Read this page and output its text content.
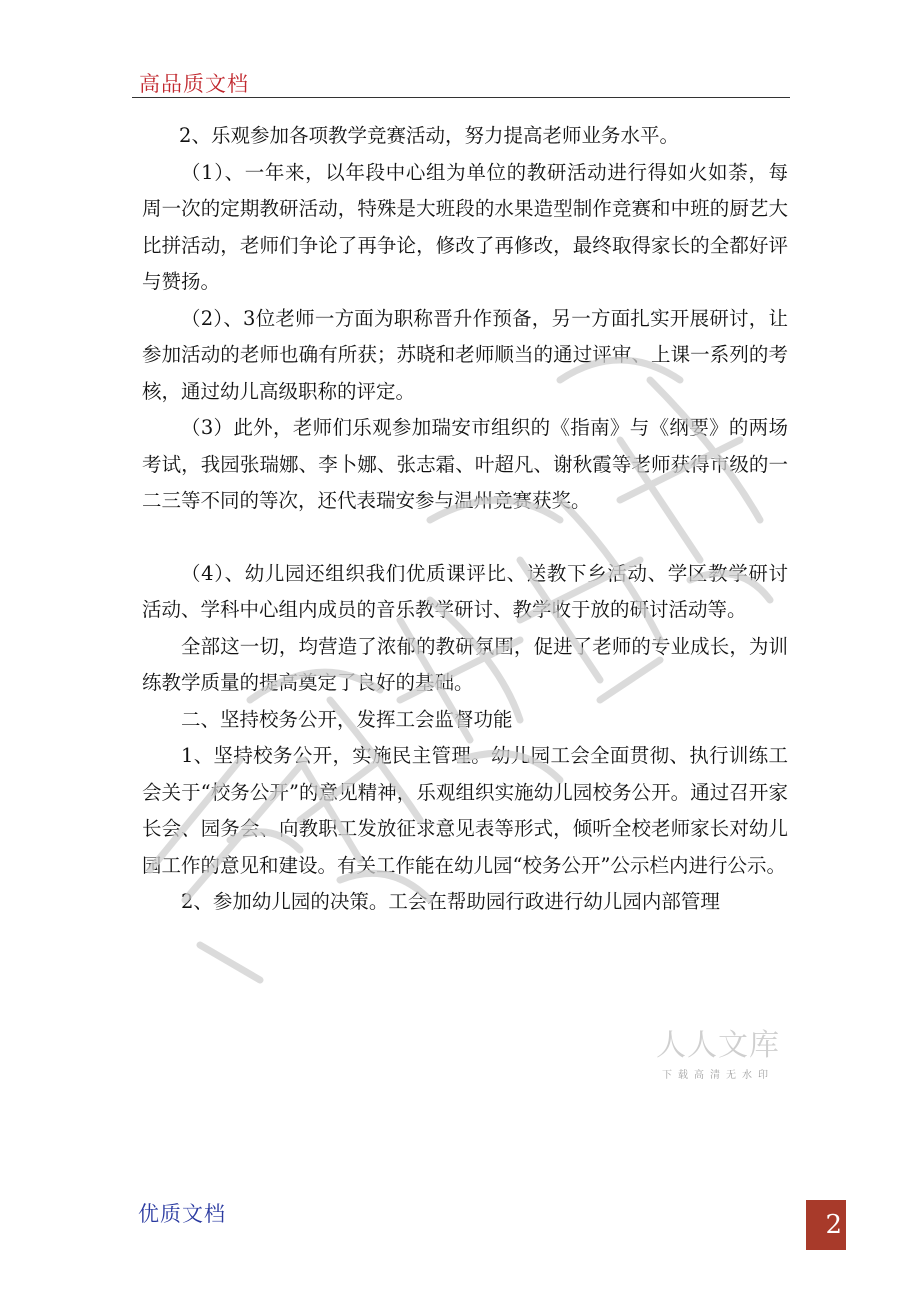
高品质文档

2、乐观参加各项教学竞赛活动，努力提高老师业务水平。

（1）、一年来，以年段中心组为单位的教研活动进行得如火如荼，每周一次的定期教研活动，特殊是大班段的水果造型制作竞赛和中班的厨艺大比拼活动，老师们争论了再争论，修改了再修改，最终取得家长的全都好评与赞扬。

（2）、3位老师一方面为职称晋升作预备，另一方面扎实开展研讨，让参加活动的老师也确有所获；苏晓和老师顺当的通过评审、上课一系列的考核，通过幼儿高级职称的评定。

（3）此外，老师们乐观参加瑞安市组织的《指南》与《纲要》的两场考试，我园张瑞娜、李卜娜、张志霜、叶超凡、谢秋霞等老师获得市级的一二三等不同的等次，还代表瑞安参与温州竞赛获奖。

（4）、幼儿园还组织我们优质课评比、送教下乡活动、学区教学研讨活动、学科中心组内成员的音乐教学研讨、教学收于放的研讨活动等。

全部这一切，均营造了浓郁的教研氛围，促进了老师的专业成长，为训练教学质量的提高奠定了良好的基础。

二、坚持校务公开，发挥工会监督功能

1、坚持校务公开，实施民主管理。幼儿园工会全面贯彻、执行训练工会关于“校务公开”的意见精神，乐观组织实施幼儿园校务公开。通过召开家长会、园务会、向教职工发放征求意见表等形式，倾听全校老师家长对幼儿园工作的意见和建设。有关工作能在幼儿园“校务公开”公示栏内进行公示。

2、参加幼儿园的决策。工会在帮助园行政进行幼儿园内部管理

人人文库
下载高清无水印
优质文档	2
